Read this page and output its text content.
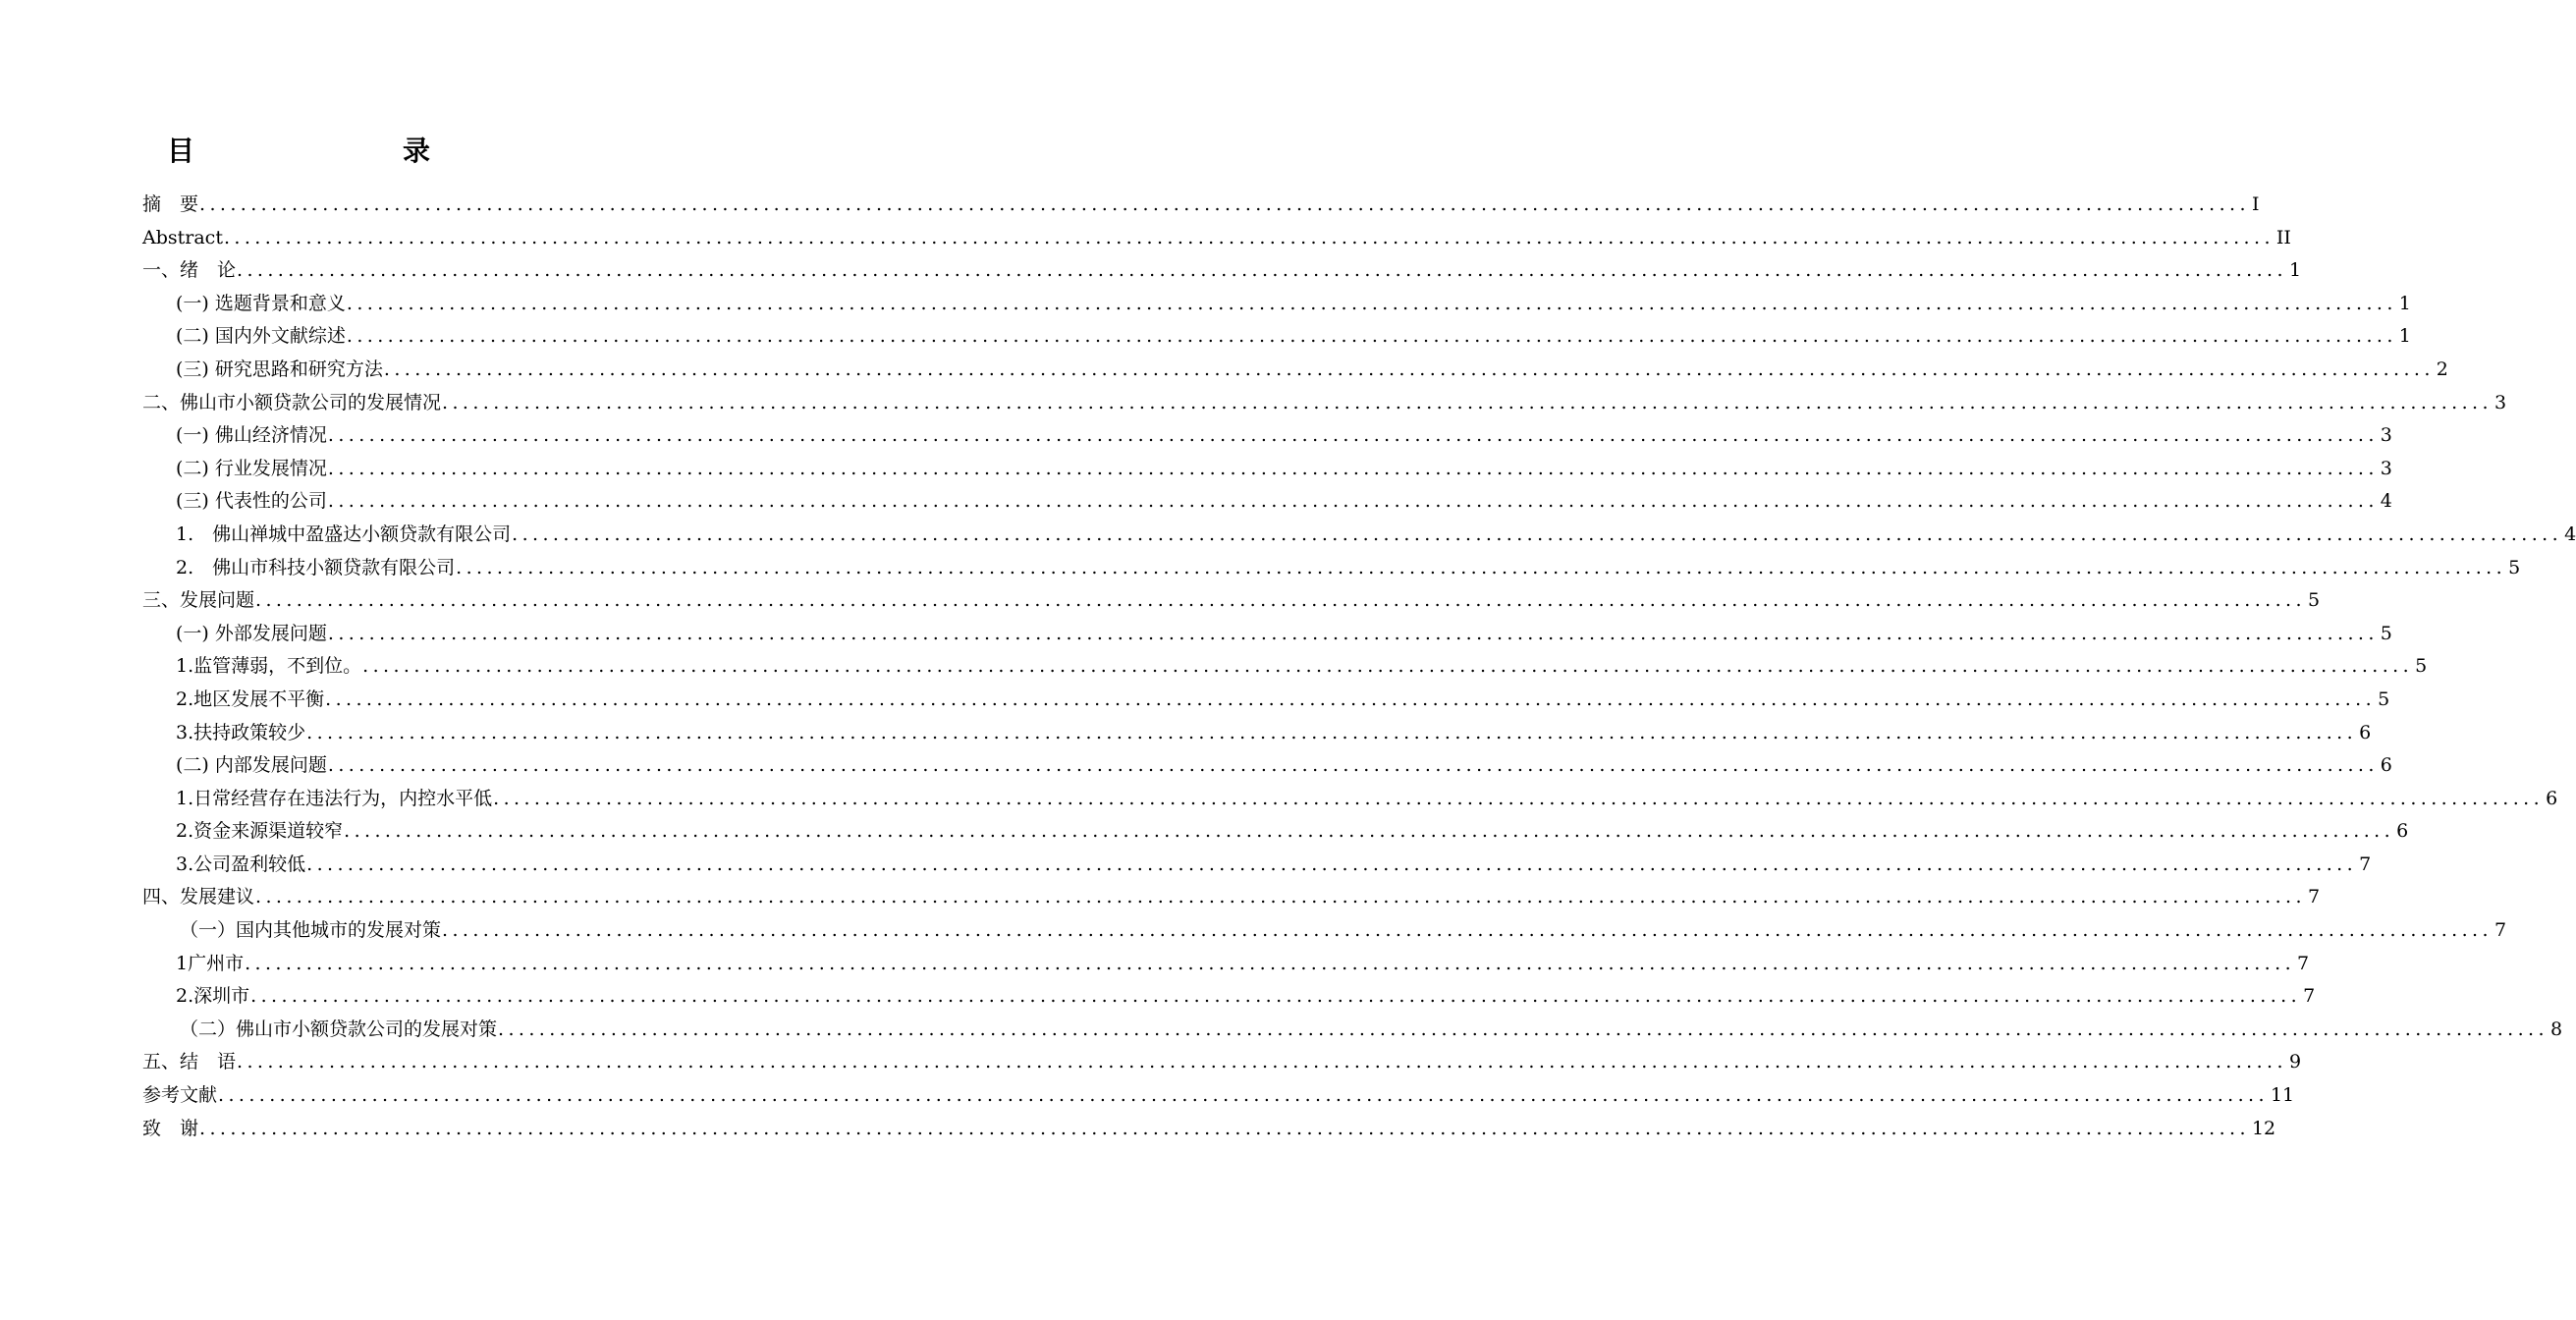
目　　录
摘　要 ........................................................................................................................................................................................................ I
Abstract ........................................................................................................................................................................................................ II
一、绪　论 ........................................................................................................................................................................................................ 1
(一) 选题背景和意义 ........................................................................................................................................................................................................ 1
(二) 国内外文献综述 ........................................................................................................................................................................................................ 1
(三) 研究思路和研究方法 ........................................................................................................................................................................................................ 2
二、佛山市小额贷款公司的发展情况 ........................................................................................................................................................................................................ 3
(一) 佛山经济情况 ........................................................................................................................................................................................................ 3
(二) 行业发展情况 ........................................................................................................................................................................................................ 3
(三) 代表性的公司 ........................................................................................................................................................................................................ 4
1.　佛山禅城中盈盛达小额贷款有限公司 ........................................................................................................................................................................................................ 4
2.　佛山市科技小额贷款有限公司 ........................................................................................................................................................................................................ 5
三、发展问题 ........................................................................................................................................................................................................ 5
(一) 外部发展问题 ........................................................................................................................................................................................................ 5
1.监管薄弱，不到位。 ........................................................................................................................................................................................................ 5
2.地区发展不平衡 ........................................................................................................................................................................................................ 5
3.扶持政策较少 ........................................................................................................................................................................................................ 6
(二) 内部发展问题 ........................................................................................................................................................................................................ 6
1.日常经营存在违法行为，内控水平低 ........................................................................................................................................................................................................ 6
2.资金来源渠道较窄 ........................................................................................................................................................................................................ 6
3.公司盈利较低 ........................................................................................................................................................................................................ 7
四、发展建议 ........................................................................................................................................................................................................ 7
（一）国内其他城市的发展对策 ........................................................................................................................................................................................................ 7
1广州市 ........................................................................................................................................................................................................ 7
2.深圳市 ........................................................................................................................................................................................................ 7
（二）佛山市小额贷款公司的发展对策 ........................................................................................................................................................................................................ 8
五、结　语 ........................................................................................................................................................................................................ 9
参考文献 ........................................................................................................................................................................................................ 11
致　谢 ........................................................................................................................................................................................................ 12
